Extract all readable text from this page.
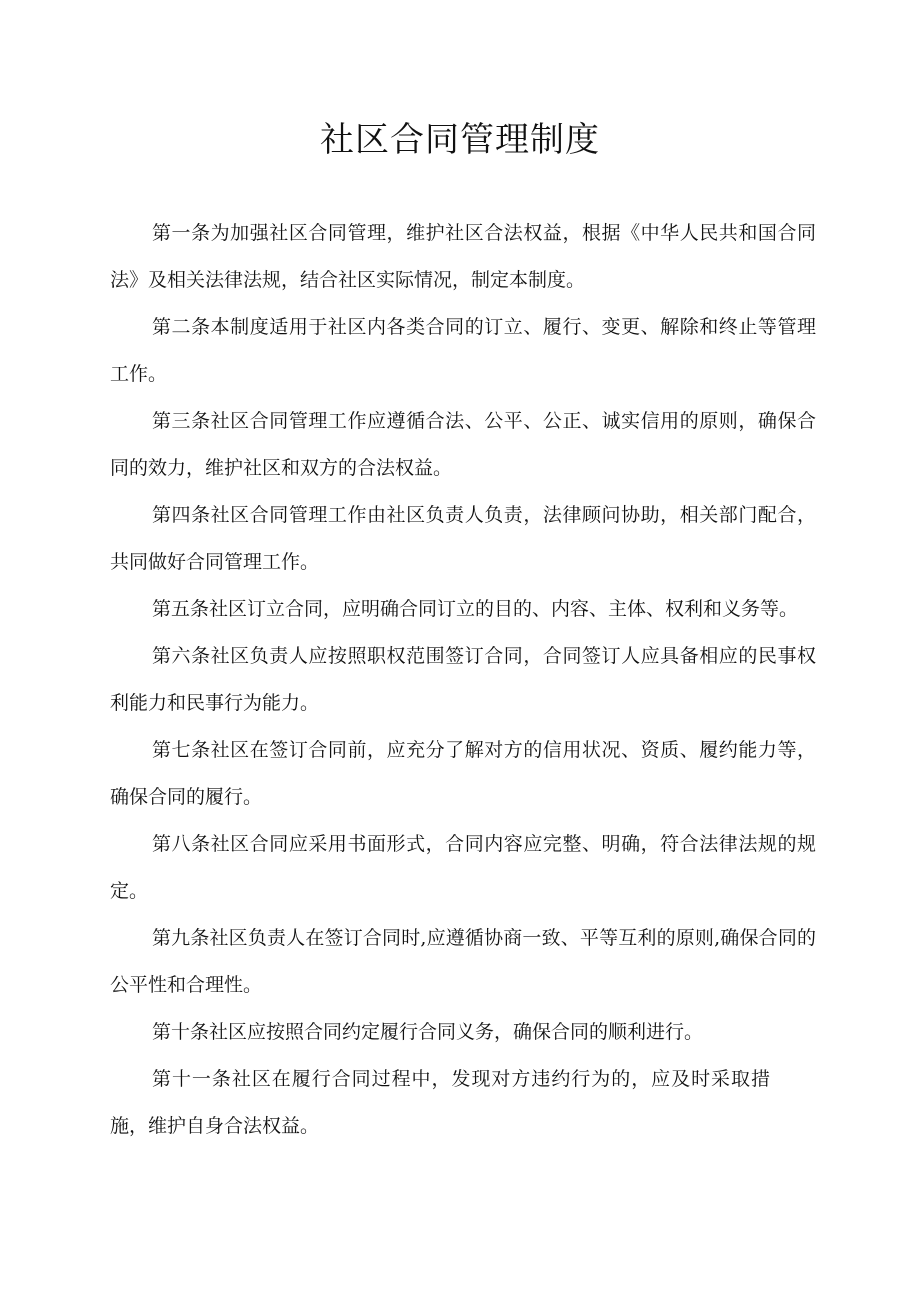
社区合同管理制度

第一条为加强社区合同管理，维护社区合法权益，根据《中华人民共和国合同法》及相关法律法规，结合社区实际情况，制定本制度。

第二条本制度适用于社区内各类合同的订立、履行、变更、解除和终止等管理工作。

第三条社区合同管理工作应遵循合法、公平、公正、诚实信用的原则，确保合同的效力，维护社区和双方的合法权益。

第四条社区合同管理工作由社区负责人负责，法律顾问协助，相关部门配合，共同做好合同管理工作。

第五条社区订立合同，应明确合同订立的目的、内容、主体、权利和义务等。

第六条社区负责人应按照职权范围签订合同，合同签订人应具备相应的民事权利能力和民事行为能力。

第七条社区在签订合同前，应充分了解对方的信用状况、资质、履约能力等，确保合同的履行。

第八条社区合同应采用书面形式，合同内容应完整、明确，符合法律法规的规定。

第九条社区负责人在签订合同时,应遵循协商一致、平等互利的原则,确保合同的公平性和合理性。

第十条社区应按照合同约定履行合同义务，确保合同的顺利进行。

第十一条社区在履行合同过程中，发现对方违约行为的，应及时采取措施，维护自身合法权益。
